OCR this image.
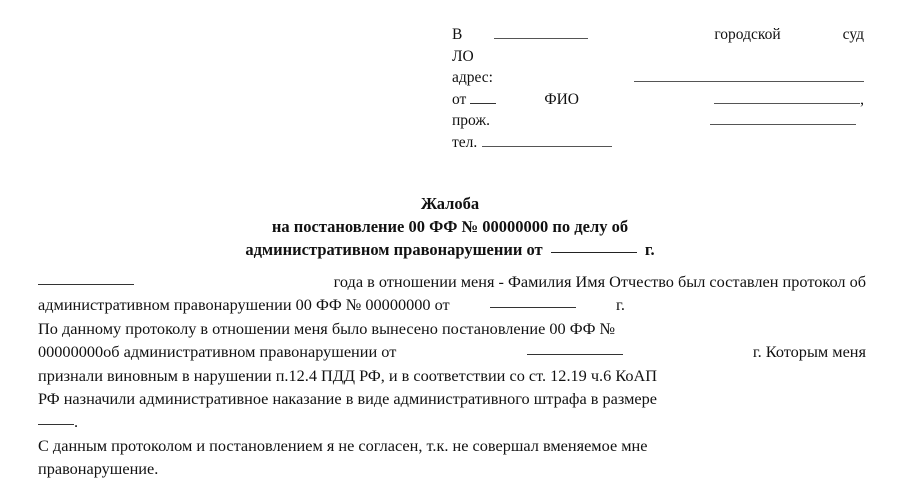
В	городской	суд
ЛО
адрес:
от	ФИО	,
прож.
тел.
Жалоба
на постановление 00 ФФ № 00000000 по делу об
административном правонарушении от	г.
года в отношении меня - Фамилия Имя Отчество был составлен протокол об
административном правонарушении 00 ФФ № 00000000 от	г.
По данному протоколу в отношении меня было вынесено постановление 00 ФФ №
00000000об административном правонарушении от	г. Которым меня
признали виновным в нарушении п.12.4 ПДД РФ, и в соответствии со ст. 12.19 ч.6 КоАП
РФ назначили административное наказание в виде административного штрафа в размере
.
С данным протоколом и постановлением я не согласен, т.к. не совершал вменяемое мне
правонарушение.
